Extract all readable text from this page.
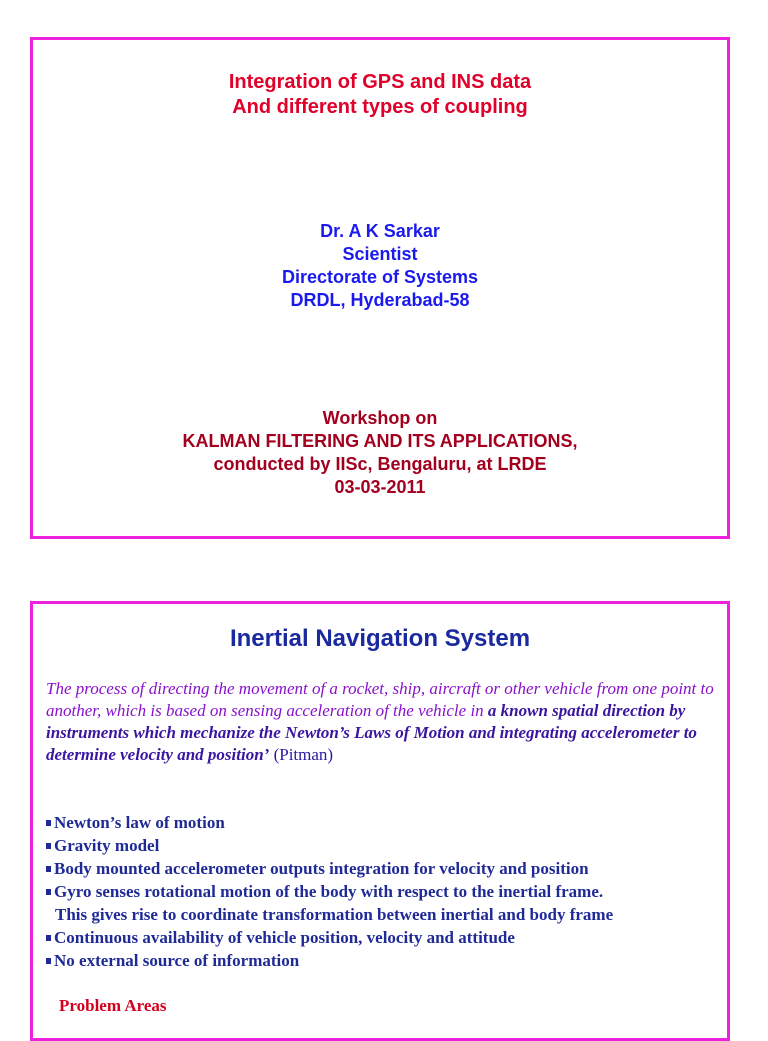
Integration of GPS and INS data
And different types of coupling
Dr. A K Sarkar
Scientist
Directorate of Systems
DRDL, Hyderabad-58
Workshop on
KALMAN FILTERING AND ITS APPLICATIONS,
conducted by IISc, Bengaluru, at LRDE
03-03-2011
Inertial Navigation System
The process of directing the movement of a rocket, ship, aircraft or other vehicle from one point to another, which is based on sensing acceleration of the vehicle in a known spatial direction by instruments which mechanize the Newton’s Laws of Motion and integrating accelerometer to determine velocity and position’ (Pitman)
Newton’s law of motion
Gravity model
Body mounted accelerometer outputs integration for velocity and position
Gyro senses rotational motion of the body with respect to the inertial frame.
This gives rise to coordinate transformation between inertial and body frame
Continuous availability of vehicle position, velocity and attitude
No external source of information
Problem Areas
